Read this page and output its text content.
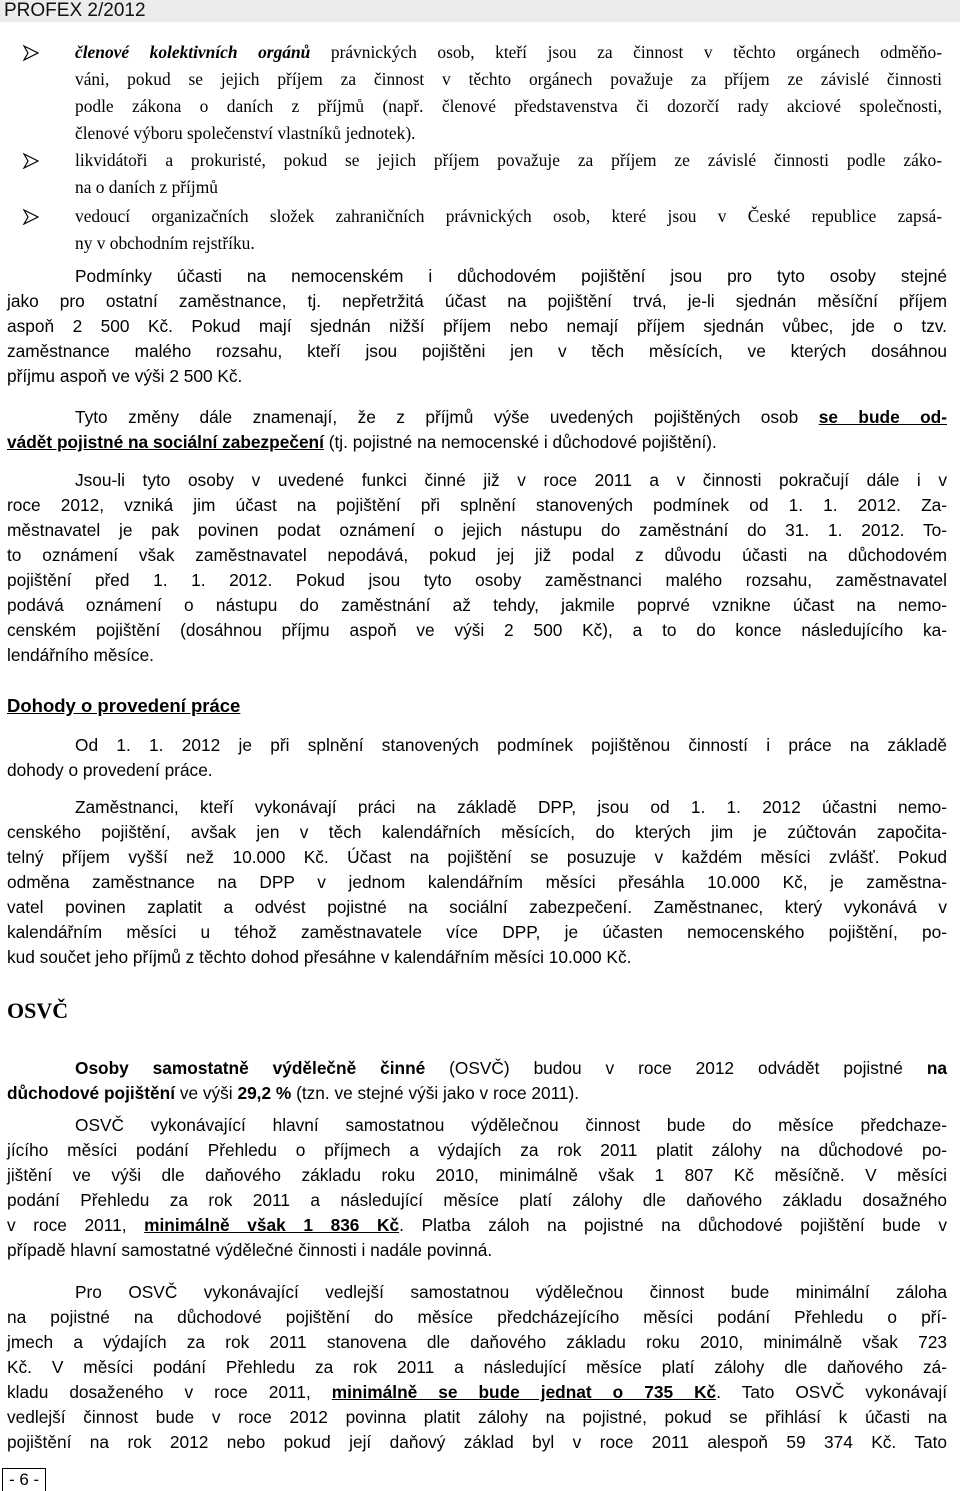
PROFEX 2/2012
členové kolektivních orgánů právnických osob, kteří jsou za činnost v těchto orgánech odměňo-
váni, pokud se jejich příjem za činnost v těchto orgánech považuje za příjem ze závislé činnosti
podle zákona o daních z příjmů (např. členové představenstva či dozorčí rady akciové společnosti,
členové výboru společenství vlastníků jednotek).
likvidátoři a prokuristé, pokud se jejich příjem považuje za příjem ze závislé činnosti podle záko-
na o daních z příjmů
vedoucí organizačních složek zahraničních právnických osob, které jsou v České republice zapsá-
ny v obchodním rejstříku.
Podmínky účasti na nemocenském i důchodovém pojištění jsou pro tyto osoby stejné
jako pro ostatní zaměstnance, tj. nepřetržitá účast na pojištění trvá, je-li sjednán měsíční příjem
aspoň 2 500 Kč. Pokud mají sjednán nižší příjem nebo nemají příjem sjednán vůbec, jde o tzv.
zaměstnance malého rozsahu, kteří jsou pojištěni jen v těch měsících, ve kterých dosáhnou
příjmu aspoň ve výši 2 500 Kč.
Tyto změny dále znamenají, že z příjmů výše uvedených pojištěných osob se bude od-
vádět pojistné na sociální zabezpečení (tj. pojistné na nemocenské i důchodové pojištění).
Jsou-li tyto osoby v uvedené funkci činné již v roce 2011 a v činnosti pokračují dále i v
roce 2012, vzniká jim účast na pojištění při splnění stanovených podmínek od 1. 1. 2012. Za-
městnavatel je pak povinen podat oznámení o jejich nástupu do zaměstnání do 31. 1. 2012. To-
to oznámení však zaměstnavatel nepodává, pokud jej již podal z důvodu účasti na důchodovém
pojištění před 1. 1. 2012. Pokud jsou tyto osoby zaměstnanci malého rozsahu, zaměstnavatel
podává oznámení o nástupu do zaměstnání až tehdy, jakmile poprvé vznikne účast na nemo-
cenském pojištění (dosáhnou příjmu aspoň ve výši 2 500 Kč), a to do konce následujícího ka-
lendářního měsíce.
Dohody o provedení práce
Od 1. 1. 2012 je při splnění stanovených podmínek pojištěnou činností i práce na základě
dohody o provedení práce.
Zaměstnanci, kteří vykonávají práci na základě DPP, jsou od 1. 1. 2012 účastni nemo-
cenského pojištění, avšak jen v těch kalendářních měsících, do kterých jim je zúčtován započita-
telný příjem vyšší než 10.000 Kč. Účast na pojištění se posuzuje v každém měsíci zvlášť. Pokud
odměna zaměstnance na DPP v jednom kalendářním měsíci přesáhla 10.000 Kč, je zaměstna-
vatel povinen zaplatit a odvést pojistné na sociální zabezpečení. Zaměstnanec, který vykonává v
kalendářním měsíci u téhož zaměstnavatele více DPP, je účasten nemocenského pojištění, po-
kud součet jeho příjmů z těchto dohod přesáhne v kalendářním měsíci 10.000 Kč.
OSVČ
Osoby samostatně výdělečně činné (OSVČ) budou v roce 2012 odvádět pojistné na
důchodové pojištění ve výši 29,2 % (tzn. ve stejné výši jako v roce 2011).
OSVČ vykonávající hlavní samostatnou výdělečnou činnost bude do měsíce předchaze-
jícího měsíci podání Přehledu o příjmech a výdajích za rok 2011 platit zálohy na důchodové po-
jištění ve výši dle daňového základu roku 2010, minimálně však 1 807 Kč měsíčně. V měsíci
podání Přehledu za rok 2011 a následující měsíce platí zálohy dle daňového základu dosažného
v roce 2011, minimálně však 1 836 Kč. Platba záloh na pojistné na důchodové pojištění bude v
případě hlavní samostatné výdělečné činnosti i nadále povinná.
Pro OSVČ vykonávající vedlejší samostatnou výdělečnou činnost bude minimální záloha
na pojistné na důchodové pojištění do měsíce předcházejícího měsíci podání Přehledu o pří-
jmech a výdajích za rok 2011 stanovena dle daňového základu roku 2010, minimálně však 723
Kč. V měsíci podání Přehledu za rok 2011 a následující měsíce platí zálohy dle daňového zá-
kladu dosaženého v roce 2011, minimálně se bude jednat o 735 Kč. Tato OSVČ vykonávají
vedlejší činnost bude v roce 2012 povinna platit zálohy na pojistné, pokud se přihlásí k účasti na
pojištění na rok 2012 nebo pokud její daňový základ byl v roce 2011 alespoň 59 374 Kč. Tato
- 6 -
